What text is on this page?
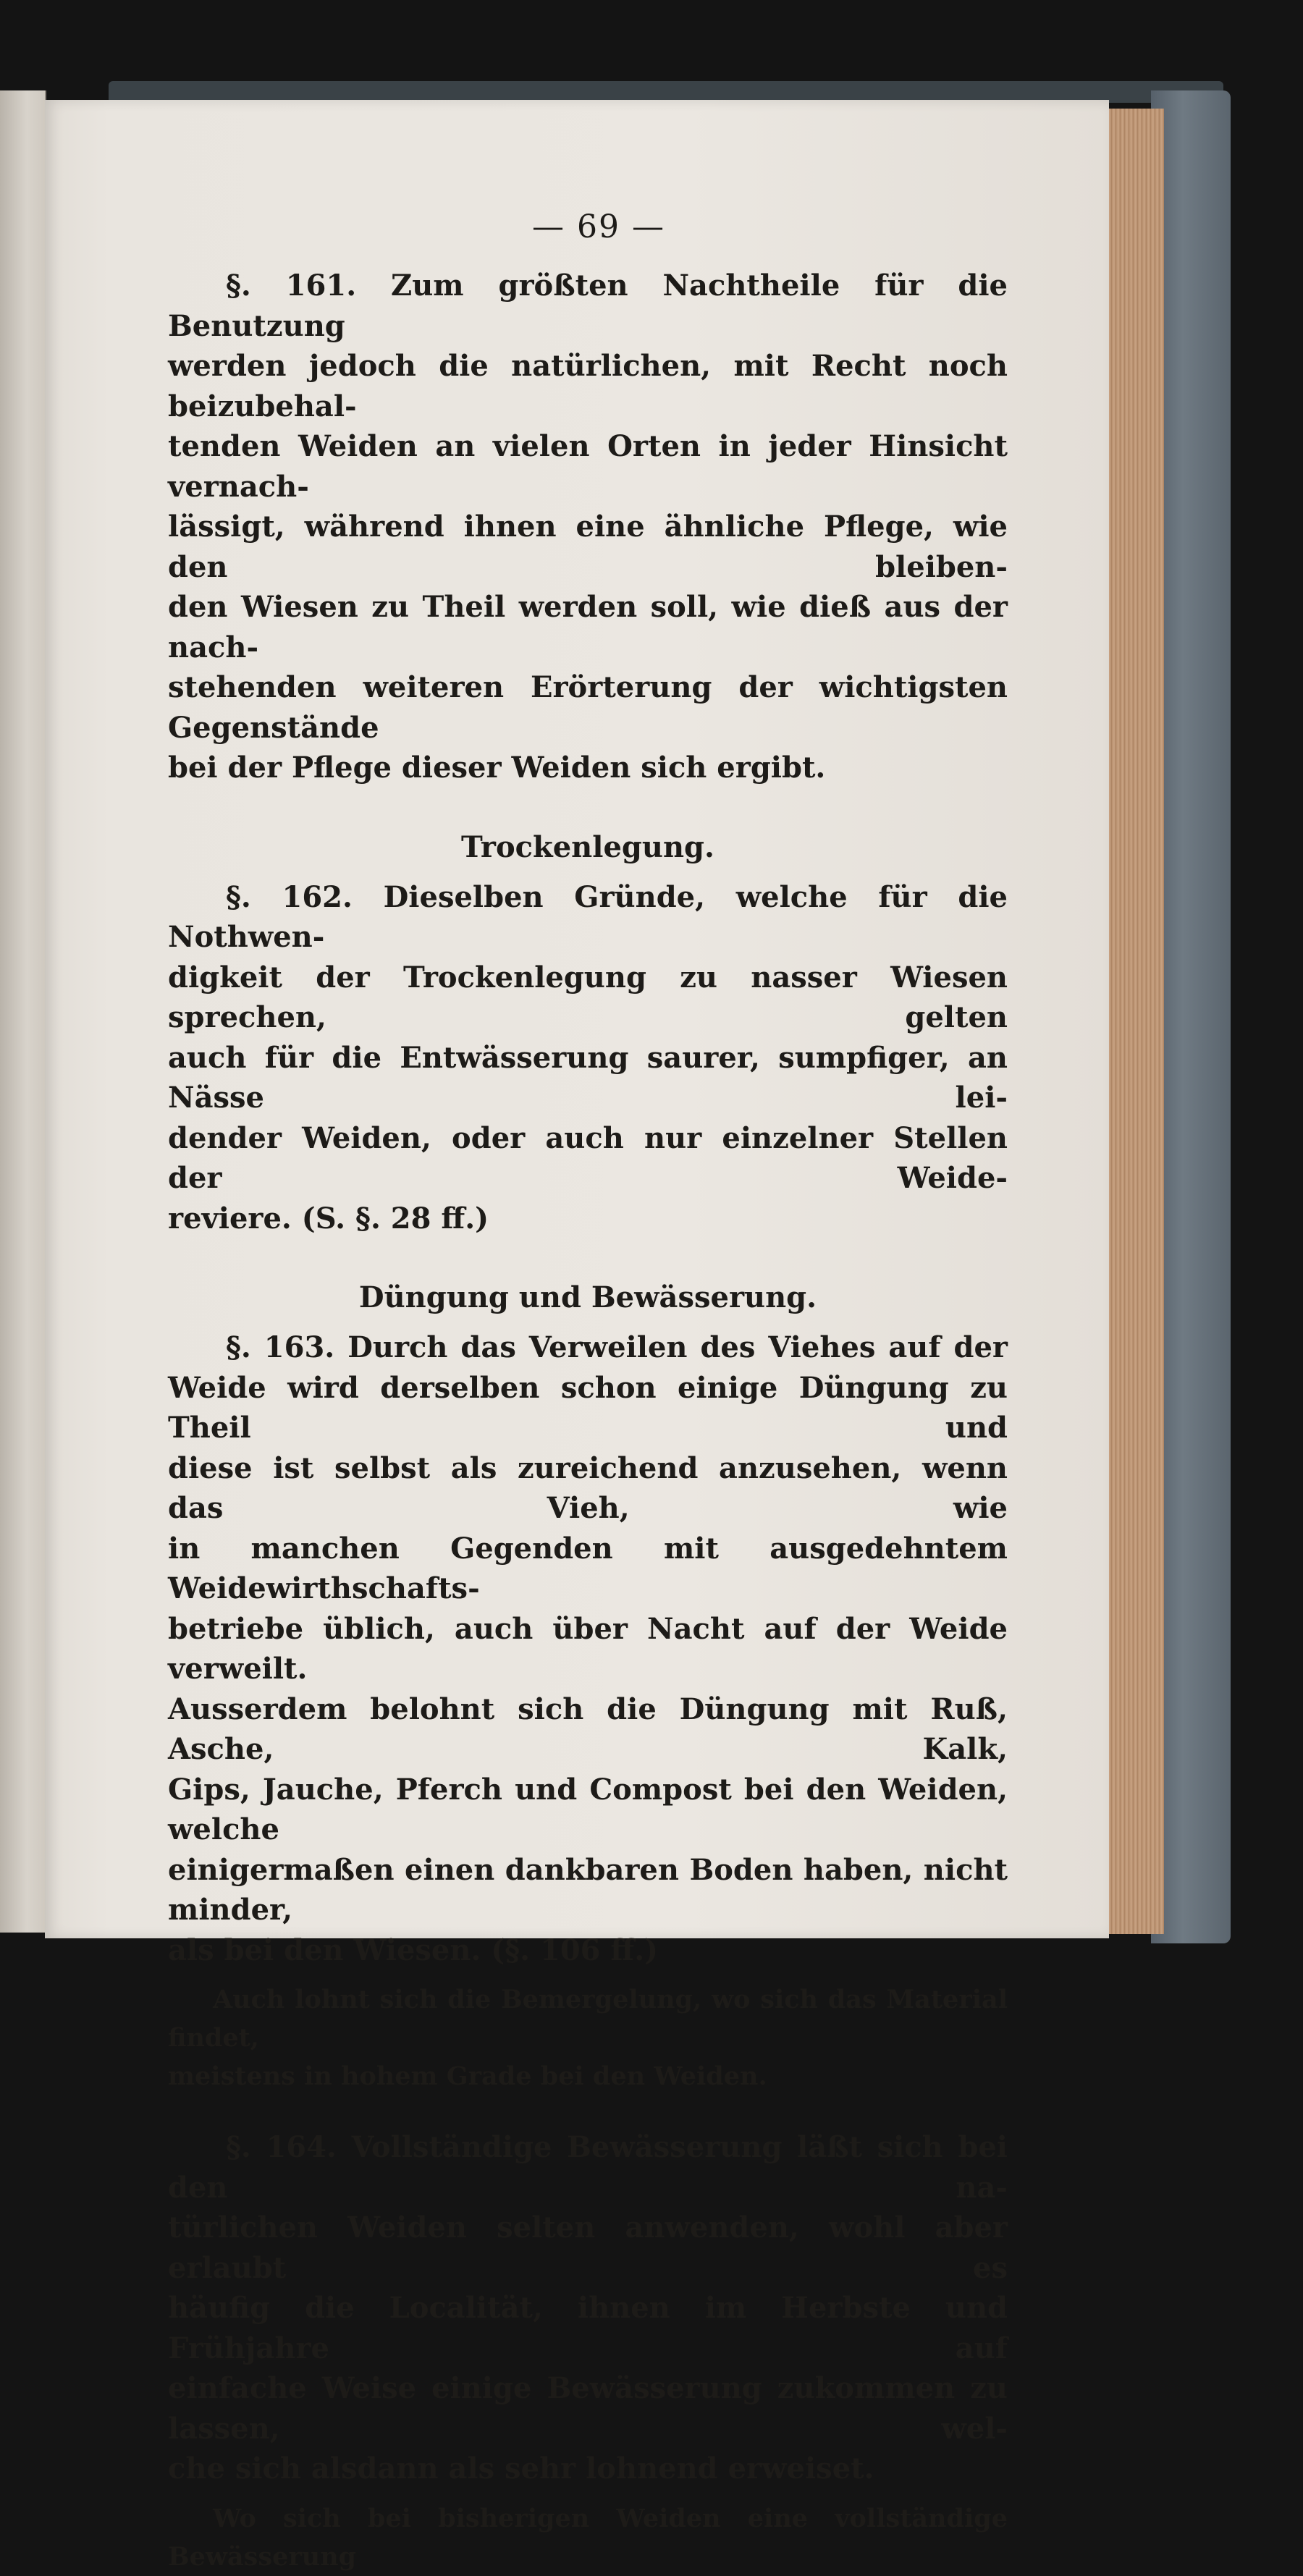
— 69 —
§. 161. Zum größten Nachtheile für die Benutzung
werden jedoch die natürlichen, mit Recht noch beizubehal-
tenden Weiden an vielen Orten in jeder Hinsicht vernach-
lässigt, während ihnen eine ähnliche Pflege, wie den bleiben-
den Wiesen zu Theil werden soll, wie dieß aus der nach-
stehenden weiteren Erörterung der wichtigsten Gegenstände
bei der Pflege dieser Weiden sich ergibt.
Trockenlegung.
§. 162. Dieselben Gründe, welche für die Nothwen-
digkeit der Trockenlegung zu nasser Wiesen sprechen, gelten
auch für die Entwässerung saurer, sumpfiger, an Nässe lei-
dender Weiden, oder auch nur einzelner Stellen der Weide-
reviere. (S. §. 28 ff.)
Düngung und Bewässerung.
§. 163. Durch das Verweilen des Viehes auf der
Weide wird derselben schon einige Düngung zu Theil und
diese ist selbst als zureichend anzusehen, wenn das Vieh, wie
in manchen Gegenden mit ausgedehntem Weidewirthschafts-
betriebe üblich, auch über Nacht auf der Weide verweilt.
Ausserdem belohnt sich die Düngung mit Ruß, Asche, Kalk,
Gips, Jauche, Pferch und Compost bei den Weiden, welche
einigermaßen einen dankbaren Boden haben, nicht minder,
als bei den Wiesen. (§. 106 ff.)
Auch lohnt sich die Bemergelung, wo sich das Material findet,
meistens in hohem Grade bei den Weiden.
§. 164. Vollständige Bewässerung läßt sich bei den na-
türlichen Weiden selten anwenden, wohl aber erlaubt es
häufig die Localität, ihnen im Herbste und Frühjahre auf
einfache Weise einige Bewässerung zukommen zu lassen, wel-
che sich alsdann als sehr lohnend erweiset.
Wo sich bei bisherigen Weiden eine vollständige Bewässerung
